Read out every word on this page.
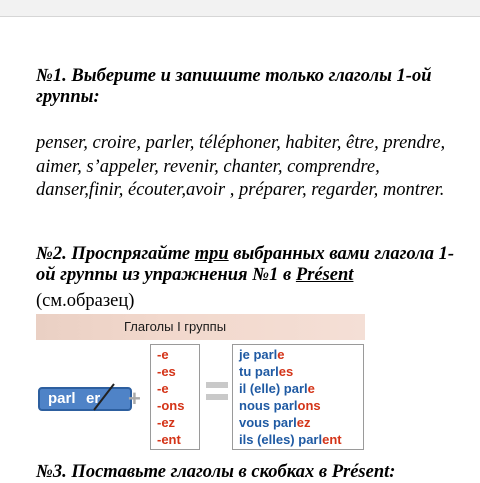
№1. Выберите и запишите только глаголы 1-ой группы:
penser, croire, parler, téléphoner, habiter, être, prendre, aimer, s’appeler, revenir, chanter, comprendre, danser,finir, écouter,avoir , préparer, regarder, montrer.
№2. Проспрягайте три выбранных вами глагола 1-ой группы из упражнения №1 в Présent
(см.образец)
Глаголы I группы
parl er +
-e
-es
-e
-ons
-ez
-ent
je parle
tu parles
il (elle) parle
nous parlons
vous parlez
ils (elles) parlent
№3. Поставьте глаголы в скобках в Présent:
